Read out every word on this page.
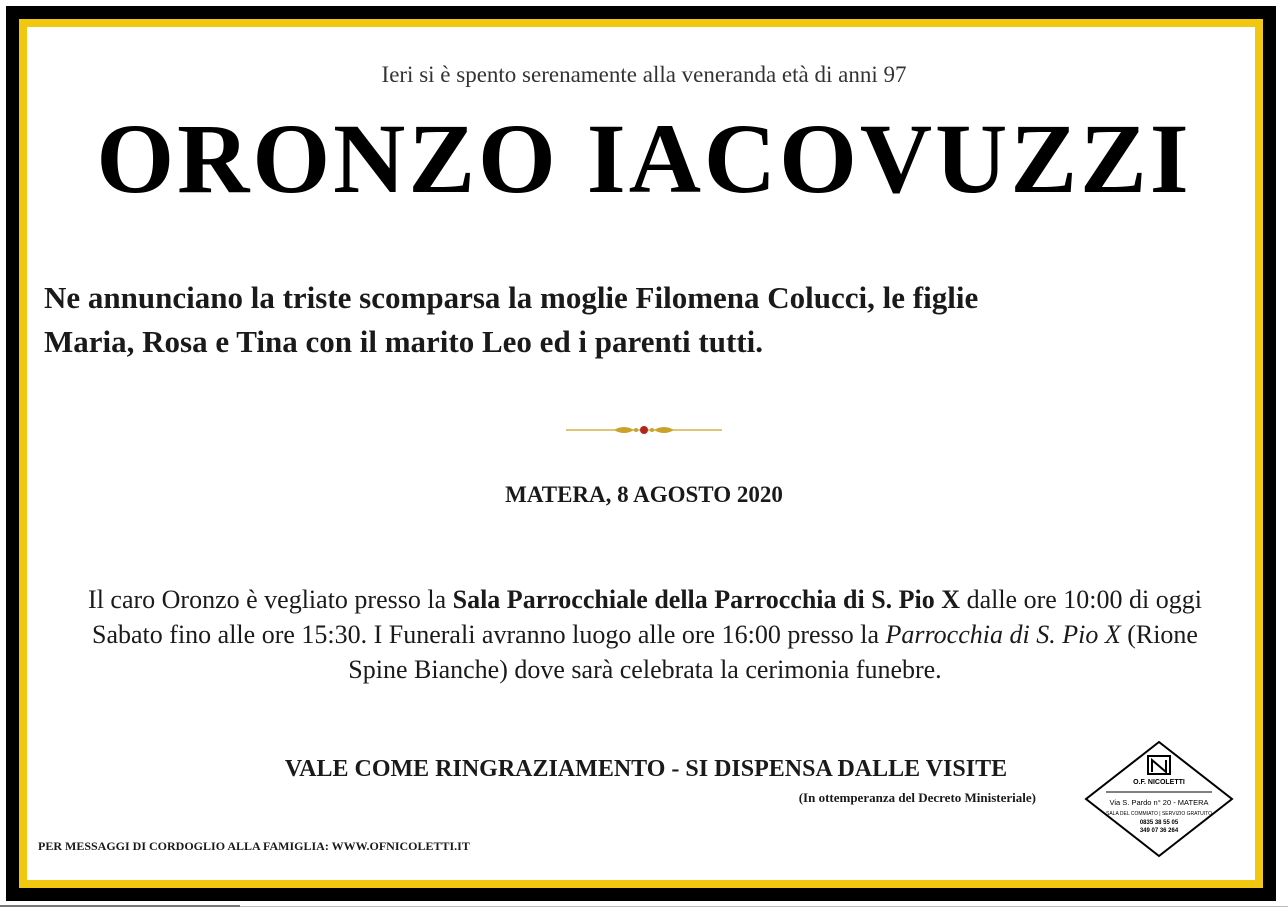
Ieri si è spento serenamente alla veneranda età di anni 97
ORONZO IACOVUZZI
Ne annunciano la triste scomparsa la moglie Filomena Colucci, le figlie
Maria, Rosa e Tina con il marito Leo ed i parenti tutti.
MATERA, 8 AGOSTO 2020
Il caro Oronzo è vegliato presso la Sala Parrocchiale della Parrocchia di S. Pio X dalle ore 10:00 di oggi Sabato fino alle ore 15:30. I Funerali avranno luogo alle ore 16:00 presso la Parrocchia di S. Pio X (Rione Spine Bianche) dove sarà celebrata la cerimonia funebre.
VALE COME RINGRAZIAMENTO - SI DISPENSA DALLE VISITE
(In ottemperanza del Decreto Ministeriale)
PER MESSAGGI DI CORDOGLIO ALLA FAMIGLIA: WWW.OFNICOLETTI.IT
O.F. NICOLETTI
Via S. Pardo n° 20 - MATERA
SALA DEL COMMIATO | SERVIZIO GRATUITO
0835 38 55 05
349 07 36 264
